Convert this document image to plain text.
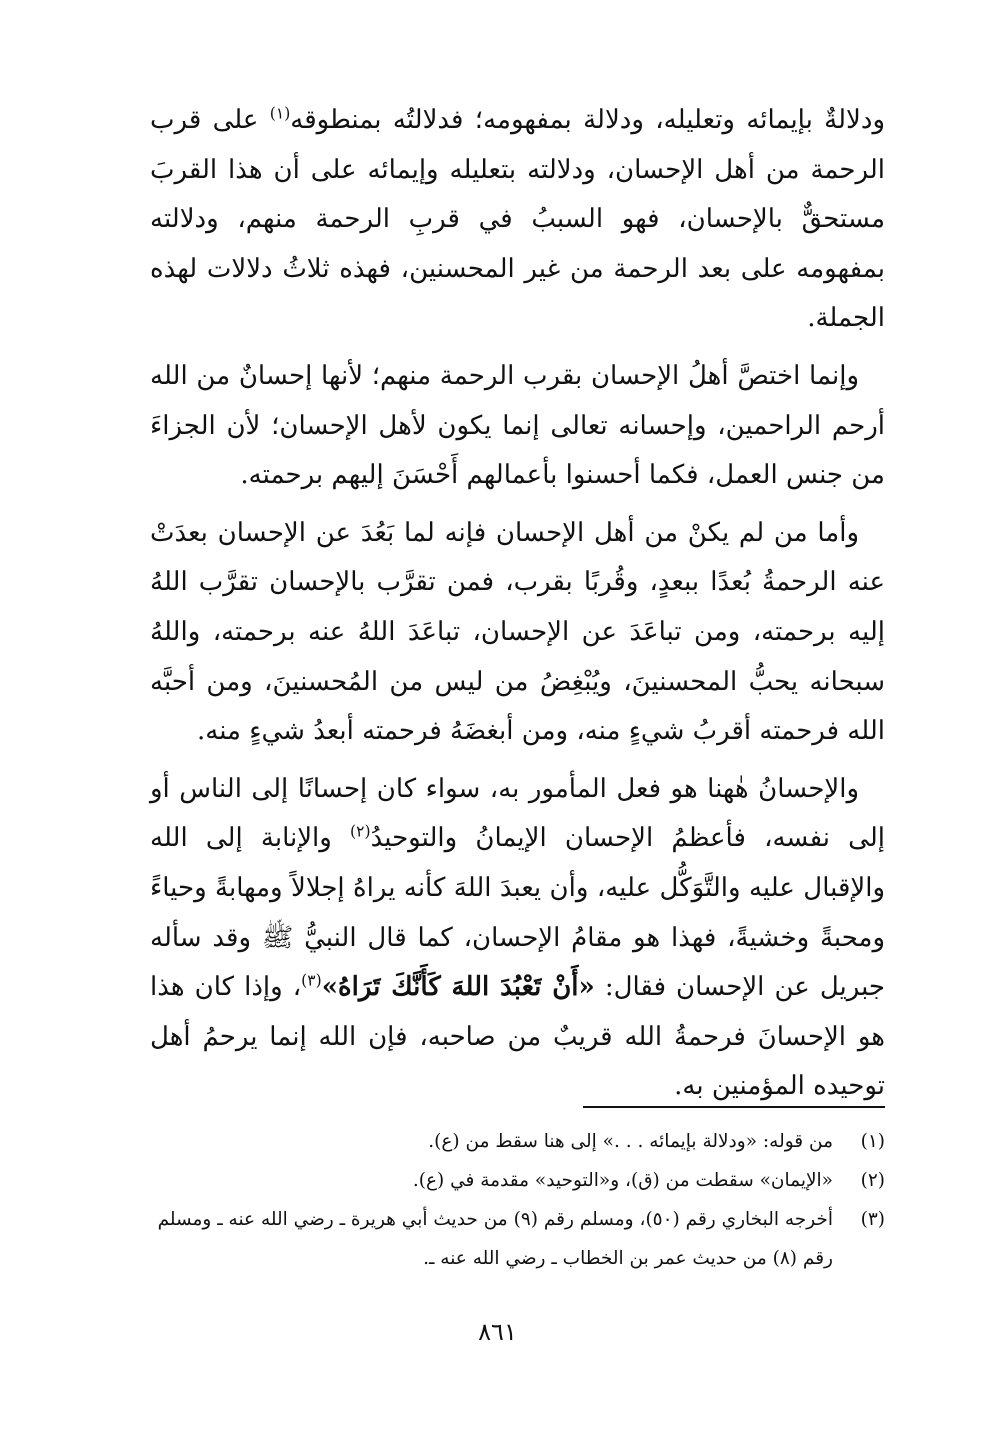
ودلالةٌ بإيمائه وتعليله، ودلالة بمفهومه؛ فدلالتُه بمنطوقه$^{(١)}$ على قرب الرحمة من أهل الإحسان، ودلالته بتعليله وإيمائه على أن هذا القربَ مستحقٌّ بالإحسان، فهو السببُ في قربِ الرحمة منهم، ودلالته بمفهومه على بعد الرحمة من غير المحسنين، فهذه ثلاثُ دلالات لهذه الجملة.

وإنما اختصَّ أهلُ الإحسان بقرب الرحمة منهم؛ لأنها إحسانٌ من الله أرحم الراحمين، وإحسانه تعالى إنما يكون لأهل الإحسان؛ لأن الجزاءَ من جنس العمل، فكما أحسنوا بأعمالهم أَحْسَنَ إليهم برحمته.

وأما من لم يكنْ من أهل الإحسان فإنه لما بَعُدَ عن الإحسان بعدَتْ عنه الرحمةُ بُعدًا ببعدٍ، وقُربًا بقرب، فمن تقرَّب بالإحسان تقرَّب اللهُ إليه برحمته، ومن تباعَدَ عن الإحسان، تباعَدَ اللهُ عنه برحمته، واللهُ سبحانه يحبُّ المحسنينَ، ويُبْغِضُ من ليس من المُحسنينَ، ومن أحبَّه الله فرحمته أقربُ شيءٍ منه، ومن أبغضَهُ فرحمته أبعدُ شيءٍ منه.

والإحسانُ هٰهنا هو فعل المأمور به، سواء كان إحسانًا إلى الناس أو إلى نفسه، فأعظمُ الإحسان الإيمانُ والتوحيدُ$^{(٢)}$ والإنابة إلى الله والإقبال عليه والتَّوَكُّل عليه، وأن يعبدَ اللهَ كأنه يراهُ إجلالاً ومهابةً وحياءً ومحبةً وخشيةً، فهذا هو مقامُ الإحسان، كما قال النبيُّ ﷺ وقد سأله جبريل عن الإحسان فقال: «أَنْ تَعْبُدَ اللهَ كَأَنَّكَ تَرَاهُ»$^{(٣)}$، وإذا كان هذا هو الإحسانَ فرحمةُ الله قريبٌ من صاحبه، فإن الله إنما يرحمُ أهل توحيده المؤمنين به.

(١)
من قوله: «ودلالة بإيمائه . . .» إلى هنا سقط من (ع).

(٢)
«الإيمان» سقطت من (ق)، و«التوحيد» مقدمة في (ع).

(٣)
أخرجه البخاري رقم (٥٠)، ومسلم رقم (٩) من حديث أبي هريرة ـ رضي الله عنه ـ ومسلم رقم (٨) من حديث عمر بن الخطاب ـ رضي الله عنه ـ.

٨٦١
